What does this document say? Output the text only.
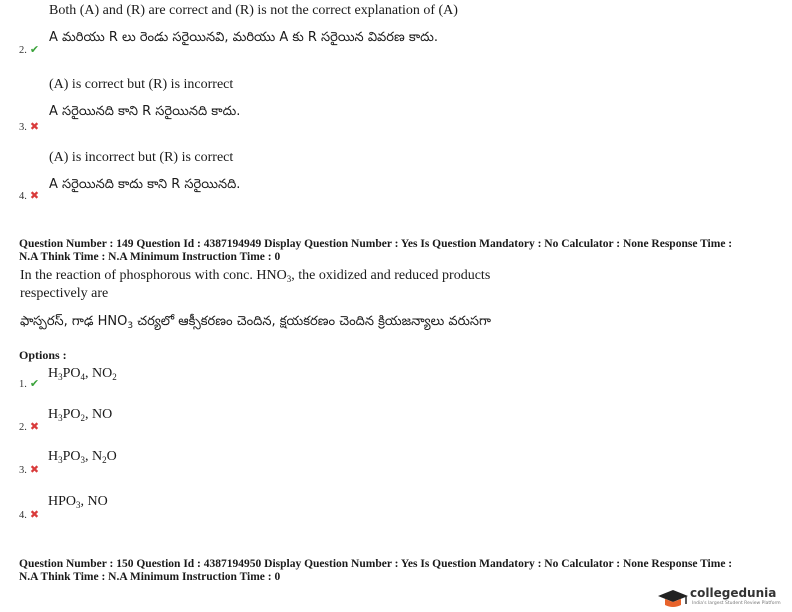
Both (A) and (R) are correct and (R) is not the correct explanation of (A)
A మరియు R లు రెండు సరైయినవి, మరియు A కు R సరైయిన వివరణ కాదు.
2. ✔
(A) is correct but (R) is incorrect
A సరైయినది కాని R సరైయినది కాదు.
3. ✖
(A) is incorrect but (R) is correct
A సరైయినది కాదు కాని R సరైయినది.
4. ✖
Question Number : 149 Question Id : 4387194949 Display Question Number : Yes Is Question Mandatory : No Calculator : None Response Time :
N.A Think Time : N.A Minimum Instruction Time : 0
In the reaction of phosphorous with conc. $HNO_3$, the oxidized and reduced products
respectively are
ఫాస్పరస్, గాఢ $HNO_3$ చర్యలో ఆక్సీకరణం చెందిన, క్షయకరణం చెందిన క్రియజన్యాలు వరుసగా
Options :
$H_3PO_4$, $NO_2$
1. ✔
$H_3PO_2$, NO
2. ✖
$H_3PO_3$, $N_2O$
3. ✖
$HPO_3$, NO
4. ✖
Question Number : 150 Question Id : 4387194950 Display Question Number : Yes Is Question Mandatory : No Calculator : None Response Time :
N.A Think Time : N.A Minimum Instruction Time : 0
collegedunia
India's largest Student Review Platform
